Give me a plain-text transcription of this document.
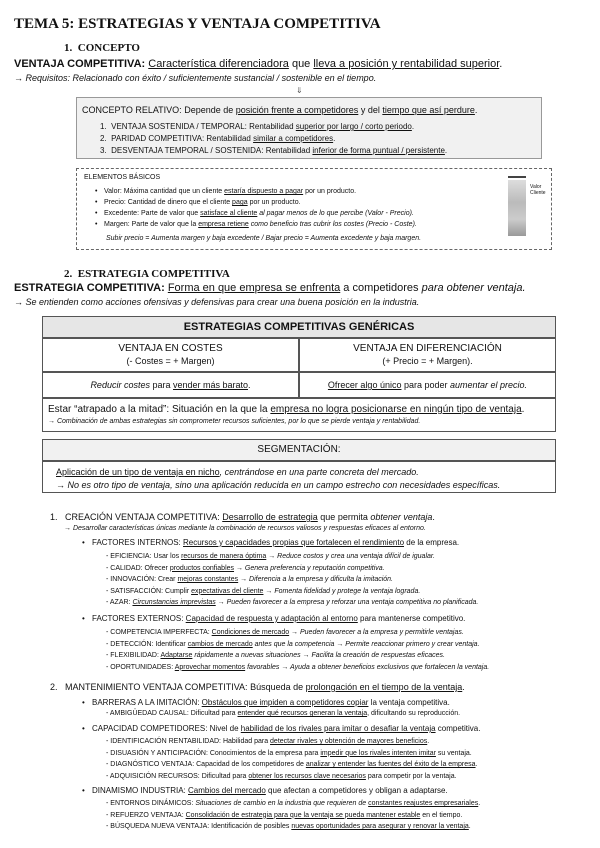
TEMA 5: ESTRATEGIAS Y VENTAJA COMPETITIVA
1. CONCEPTO
VENTAJA COMPETITIVA: Característica diferenciadora que lleva a posición y rentabilidad superior.
→ Requisitos: Relacionado con éxito / suficientemente sustancial / sostenible en el tiempo.
⇓
CONCEPTO RELATIVO: Depende de posición frente a competidores y del tiempo que así perdure.
1. VENTAJA SOSTENIDA / TEMPORAL: Rentabilidad superior por largo / corto periodo.
2. PARIDAD COMPETITIVA: Rentabilidad similar a competidores.
3. DESVENTAJA TEMPORAL / SOSTENIDA: Rentabilidad inferior de forma puntual / persistente.
ELEMENTOS BÁSICOS
• Valor: Máxima cantidad que un cliente estaría dispuesto a pagar por un producto.
• Precio: Cantidad de dinero que el cliente paga por un producto.
• Excedente: Parte de valor que satisface al cliente al pagar menos de lo que percibe (Valor - Precio).
• Margen: Parte de valor que la empresa retiene como beneficio tras cubrir los costes (Precio - Coste).
Subir precio = Aumenta margen y baja excedente / Bajar precio = Aumenta excedente y baja margen.
Valor Cliente
2. ESTRATEGIA COMPETITIVA
ESTRATEGIA COMPETITIVA: Forma en que empresa se enfrenta a competidores para obtener ventaja.
→ Se entienden como acciones ofensivas y defensivas para crear una buena posición en la industria.
ESTRATEGIAS COMPETITIVAS GENÉRICAS
VENTAJA EN COSTES
(- Costes = + Margen)
VENTAJA EN DIFERENCIACIÓN
(+ Precio = + Margen).
Reducir costes para vender más barato.	Ofrecer algo único para poder aumentar el precio.
Estar “atrapado a la mitad”: Situación en la que la empresa no logra posicionarse en ningún tipo de ventaja.
→ Combinación de ambas estrategias sin comprometer recursos suficientes, por lo que se pierde ventaja y rentabilidad.
SEGMENTACIÓN:
Aplicación de un tipo de ventaja en nicho, centrándose en una parte concreta del mercado.
→ No es otro tipo de ventaja, sino una aplicación reducida en un campo estrecho con necesidades específicas.
1. CREACIÓN VENTAJA COMPETITIVA: Desarrollo de estrategia que permita obtener ventaja.
→ Desarrollar características únicas mediante la combinación de recursos valiosos y respuestas eficaces al entorno.
• FACTORES INTERNOS: Recursos y capacidades propias que fortalecen el rendimiento de la empresa.
- EFICIENCIA: Usar los recursos de manera óptima → Reduce costos y crea una ventaja difícil de igualar.
- CALIDAD: Ofrecer productos confiables → Genera preferencia y reputación competitiva.
- INNOVACIÓN: Crear mejoras constantes → Diferencia a la empresa y dificulta la imitación.
- SATISFACCIÓN: Cumplir expectativas del cliente → Fomenta fidelidad y protege la ventaja lograda.
- AZAR: Circunstancias imprevistas → Pueden favorecer a la empresa y reforzar una ventaja competitiva no planificada.
• FACTORES EXTERNOS: Capacidad de respuesta y adaptación al entorno para mantenerse competitivo.
- COMPETENCIA IMPERFECTA: Condiciones de mercado → Pueden favorecer a la empresa y permitirle ventajas.
- DETECCIÓN: Identificar cambios de mercado antes que la competencia → Permite reaccionar primero y crear ventaja.
- FLEXIBILIDAD: Adaptarse rápidamente a nuevas situaciones → Facilita la creación de respuestas eficaces.
- OPORTUNIDADES: Aprovechar momentos favorables → Ayuda a obtener beneficios exclusivos que fortalecen la ventaja.
2. MANTENIMIENTO VENTAJA COMPETITIVA: Búsqueda de prolongación en el tiempo de la ventaja.
• BARRERAS A LA IMITACIÓN: Obstáculos que impiden a competidores copiar la ventaja competitiva.
- AMBIGÜEDAD CAUSAL: Dificultad para entender qué recursos generan la ventaja, dificultando su reproducción.
• CAPACIDAD COMPETIDORES: Nivel de habilidad de los rivales para imitar o desafiar la ventaja competitiva.
- IDENTIFICACIÓN RENTABILIDAD: Habilidad para detectar rivales y obtención de mayores beneficios.
- DISUASIÓN Y ANTICIPACIÓN: Conocimientos de la empresa para impedir que los rivales intenten imitar su ventaja.
- DIAGNÓSTICO VENTAJA: Capacidad de los competidores de analizar y entender las fuentes del éxito de la empresa.
- ADQUISICIÓN RECURSOS: Dificultad para obtener los recursos clave necesarios para competir por la ventaja.
• DINAMISMO INDUSTRIA: Cambios del mercado que afectan a competidores y obligan a adaptarse.
- ENTORNOS DINÁMICOS: Situaciones de cambio en la industria que requieren de constantes reajustes empresariales.
- REFUERZO VENTAJA: Consolidación de estrategia para que la ventaja se pueda mantener estable en el tiempo.
- BÚSQUEDA NUEVA VENTAJA: Identificación de posibles nuevas oportunidades para asegurar y renovar la ventaja.
